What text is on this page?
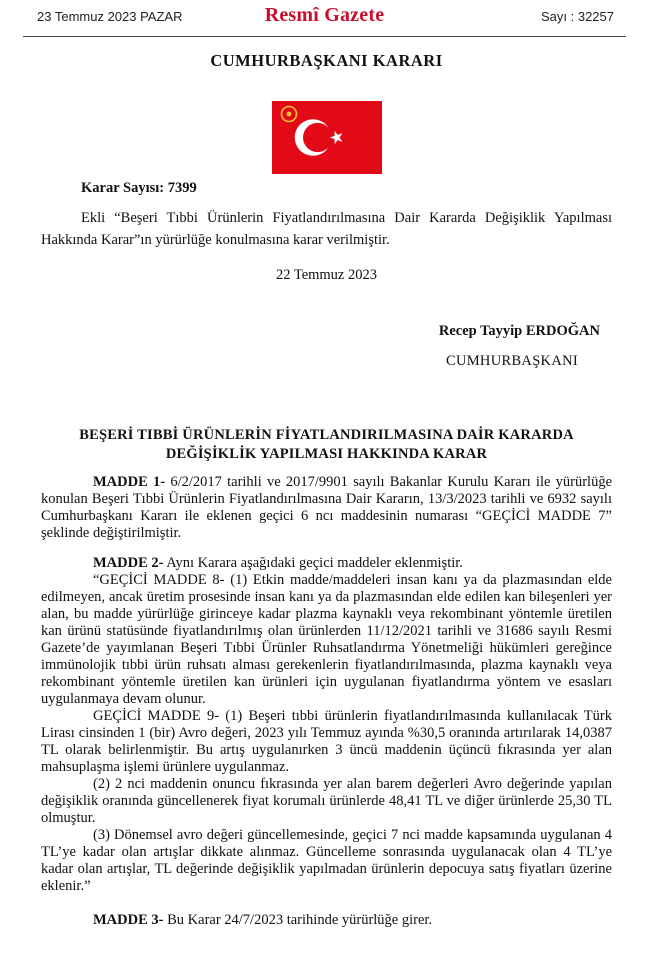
23 Temmuz 2023 PAZAR	Resmî Gazete	Sayı : 32257
CUMHURBAŞKANI KARARI
Karar Sayısı: 7399
Ekli “Beşeri Tıbbi Ürünlerin Fiyatlandırılmasına Dair Kararda Değişiklik Yapılması Hakkında Karar”ın yürürlüğe konulmasına karar verilmiştir.
22 Temmuz 2023
Recep Tayyip ERDOĞAN
CUMHURBAŞKANI
BEŞERİ TIBBİ ÜRÜNLERİN FİYATLANDIRILMASINA DAİR KARARDA
DEĞİŞİKLİK YAPILMASI HAKKINDA KARAR

MADDE 1- 6/2/2017 tarihli ve 2017/9901 sayılı Bakanlar Kurulu Kararı ile yürürlüğe konulan Beşeri Tıbbi Ürünlerin Fiyatlandırılmasına Dair Kararın, 13/3/2023 tarihli ve 6932 sayılı Cumhurbaşkanı Kararı ile eklenen geçici 6 ncı maddesinin numarası “GEÇİCİ MADDE 7” şeklinde değiştirilmiştir.

MADDE 2- Aynı Karara aşağıdaki geçici maddeler eklenmiştir.

“GEÇİCİ MADDE 8- (1) Etkin madde/maddeleri insan kanı ya da plazmasından elde edilmeyen, ancak üretim prosesinde insan kanı ya da plazmasından elde edilen kan bileşenleri yer alan, bu madde yürürlüğe girinceye kadar plazma kaynaklı veya rekombinant yöntemle üretilen kan ürünü statüsünde fiyatlandırılmış olan ürünlerden 11/12/2021 tarihli ve 31686 sayılı Resmi Gazete’de yayımlanan Beşeri Tıbbi Ürünler Ruhsatlandırma Yönetmeliği hükümleri gereğince immünolojik tıbbi ürün ruhsatı alması gerekenlerin fiyatlandırılmasında, plazma kaynaklı veya rekombinant yöntemle üretilen kan ürünleri için uygulanan fiyatlandırma yöntem ve esasları uygulanmaya devam olunur.

GEÇİCİ MADDE 9- (1) Beşeri tıbbi ürünlerin fiyatlandırılmasında kullanılacak Türk Lirası cinsinden 1 (bir) Avro değeri, 2023 yılı Temmuz ayında %30,5 oranında artırılarak 14,0387 TL olarak belirlenmiştir. Bu artış uygulanırken 3 üncü maddenin üçüncü fıkrasında yer alan mahsuplaşma işlemi ürünlere uygulanmaz.

(2) 2 nci maddenin onuncu fıkrasında yer alan barem değerleri Avro değerinde yapılan değişiklik oranında güncellenerek fiyat korumalı ürünlerde 48,41 TL ve diğer ürünlerde 25,30 TL olmuştur.

(3) Dönemsel avro değeri güncellemesinde, geçici 7 nci madde kapsamında uygulanan 4 TL’ye kadar olan artışlar dikkate alınmaz. Güncelleme sonrasında uygulanacak olan 4 TL’ye kadar olan artışlar, TL değerinde değişiklik yapılmadan ürünlerin depocuya satış fiyatları üzerine eklenir.”

MADDE 3- Bu Karar 24/7/2023 tarihinde yürürlüğe girer.
